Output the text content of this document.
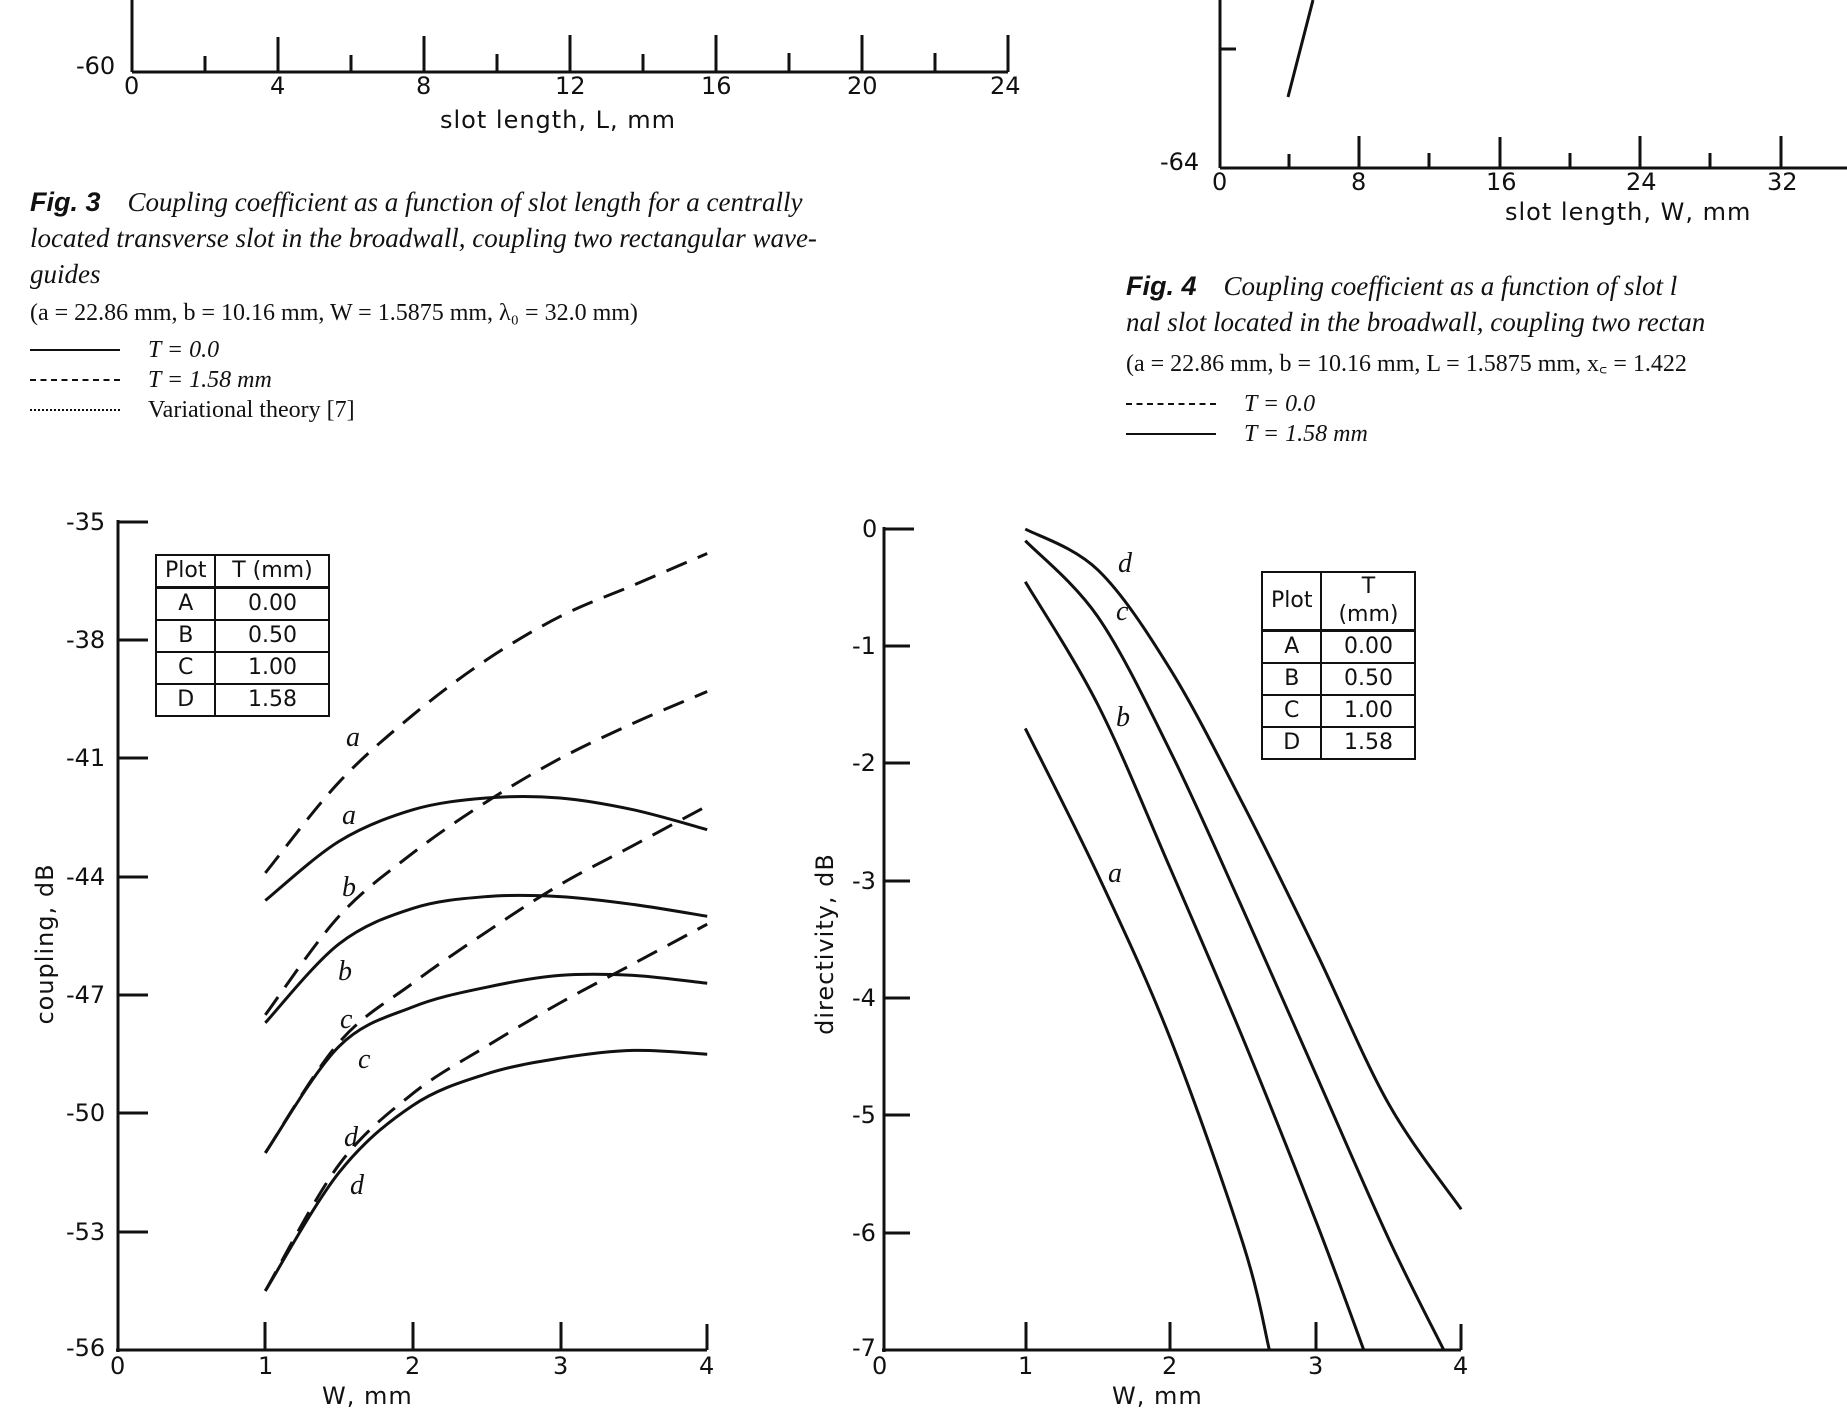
-60
0	4	8	12	16	20	24
slot length, L, mm
Fig. 3 Coupling coefficient as a function of slot length for a centrally
located transverse slot in the broadwall, coupling two rectangular wave-
guides
(a = 22.86 mm, b = 10.16 mm, W = 1.5875 mm, λ₀ = 32.0 mm)
T = 0.0
T = 1.58 mm
Variational theory [7]
-64
0	8	16	24	32
slot length, W, mm
Fig. 4 Coupling coefficient as a function of slot l
nal slot located in the broadwall, coupling two rectan
(a = 22.86 mm, b = 10.16 mm, L = 1.5875 mm, x꜀ = 1.422
T = 0.0
T = 1.58 mm
-35
-38
-41
-44
-47
-50
-53
-56
0	1	2	3	4
W, mm
coupling, dB
Plot	T (mm)
A	0.00
B	0.50
C	1.00
D	1.58
a
a
b
b
c
c
d
d
0
-1
-2
-3
-4
-5
-6
-7
0	1	2	3	4
W, mm
directivity, dB
Plot	T (mm)
A	0.00
B	0.50
C	1.00
D	1.58
a
b
c
d
